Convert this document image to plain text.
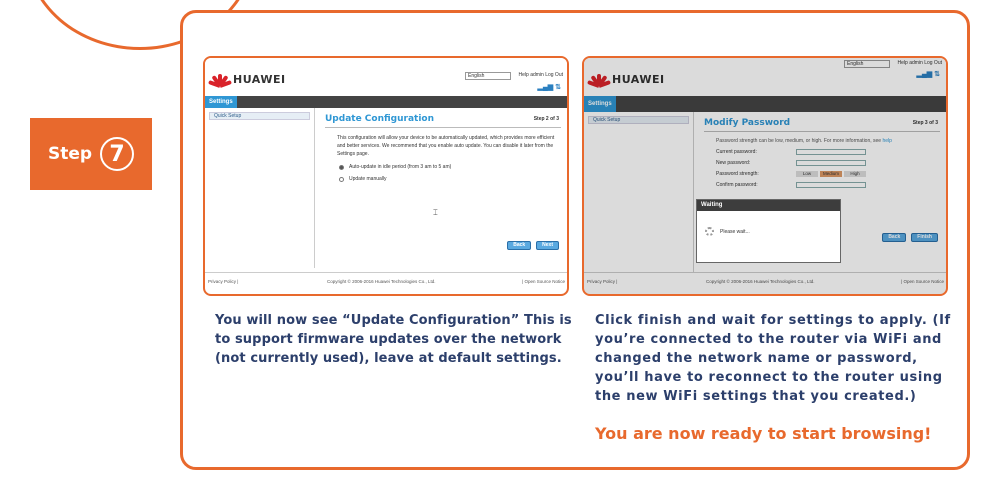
Step 7
HUAWEI	English	Help admin Log Out
▂▄▆ ⇅
Settings
Quick Setup	Update Configuration	Step 2 of 3
This configuration will allow your device to be automatically updated, which provides more efficient and better services. We recommend that you enable auto update. You can disable it later from the Settings page.
Auto-update in idle period (from 3 am to 5 am)
Update manually
Back	Next
⌶
Privacy Policy |	Copyright © 2006-2016 Huawei Technologies Co., Ltd.	| Open Source Notice
HUAWEI
English	Help admin Log Out
▂▄▆ ⇅
Settings
Quick Setup	Modify Password	Step 3 of 3
Password strength can be low, medium, or high. For more information, see help
Current password:
New password:
Password strength:	Low	Medium	High
Confirm password:
Back	Finish
Privacy Policy |	Copyright © 2006-2016 Huawei Technologies Co., Ltd.	| Open Source Notice
Waiting
Please wait...
You will now see “Update Configuration” This is to support firmware updates over the network (not currently used), leave at default settings.
Click finish and wait for settings to apply. (If you’re connected to the router via WiFi and changed the network name or password, you’ll have to reconnect to the router using the new WiFi settings that you created.)
You are now ready to start browsing!
